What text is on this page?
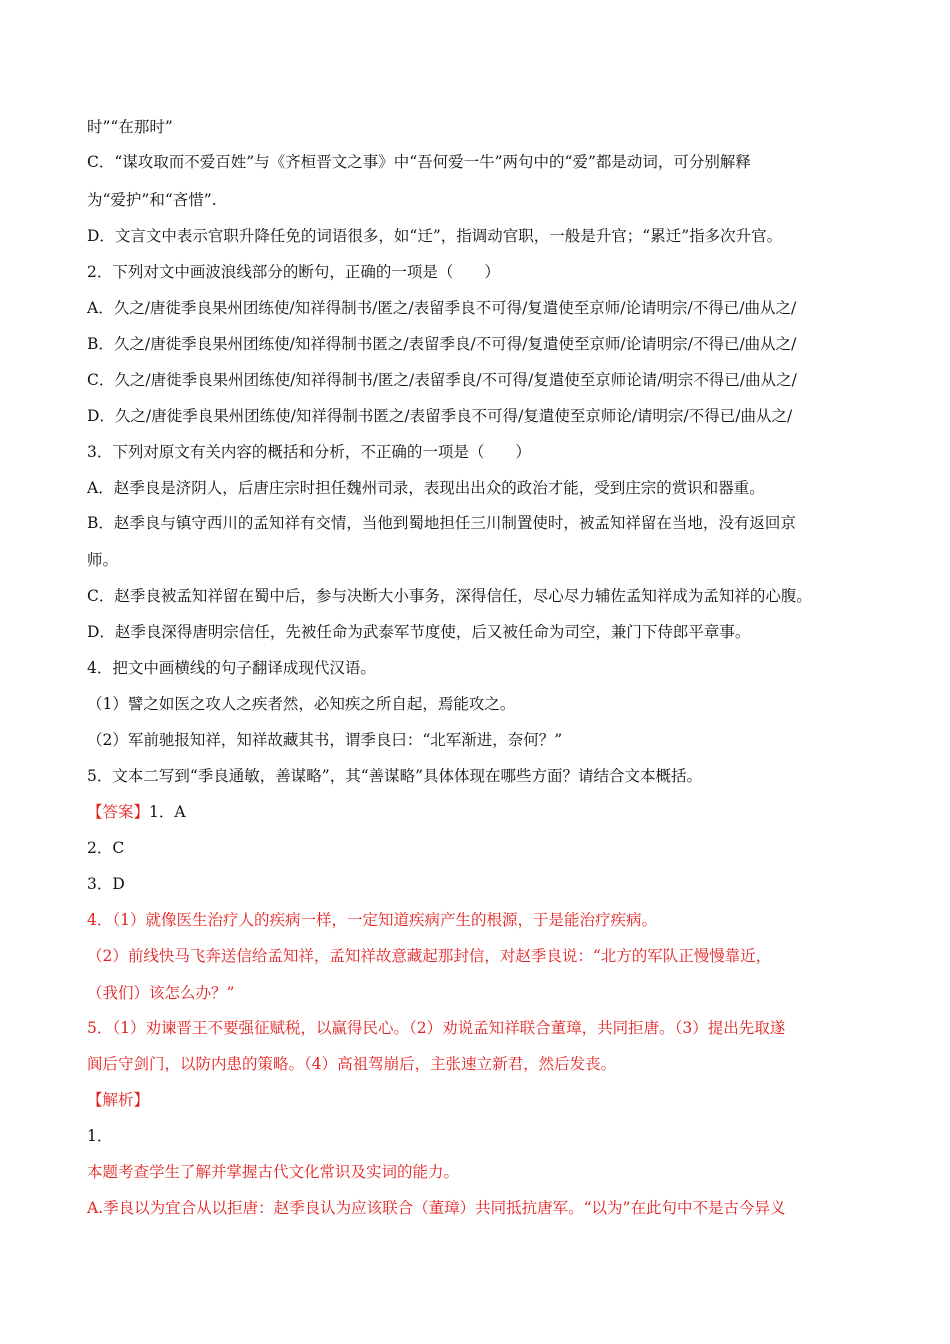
时”“在那时”
C．“谋攻取而不爱百姓”与《齐桓晋文之事》中“吾何爱一牛”两句中的“爱”都是动词，可分别解释
为“爱护”和“吝惜”.
D．文言文中表示官职升降任免的词语很多，如“迁”，指调动官职，一般是升官；“累迁”指多次升官。
2．下列对文中画波浪线部分的断句，正确的一项是（　　）
A．久之/唐徙季良果州团练使/知祥得制书/匿之/表留季良不可得/复遣使至京师/论请明宗/不得已/曲从之/
B．久之/唐徙季良果州团练使/知祥得制书匿之/表留季良/不可得/复遣使至京师/论请明宗/不得已/曲从之/
C．久之/唐徙季良果州团练使/知祥得制书/匿之/表留季良/不可得/复遣使至京师论请/明宗不得已/曲从之/
D．久之/唐徙季良果州团练使/知祥得制书匿之/表留季良不可得/复遣使至京师论/请明宗/不得已/曲从之/
3．下列对原文有关内容的概括和分析，不正确的一项是（　　）
A．赵季良是济阴人，后唐庄宗时担任魏州司录，表现出出众的政治才能，受到庄宗的赏识和器重。
B．赵季良与镇守西川的孟知祥有交情，当他到蜀地担任三川制置使时，被孟知祥留在当地，没有返回京
师。
C．赵季良被孟知祥留在蜀中后，参与决断大小事务，深得信任，尽心尽力辅佐孟知祥成为孟知祥的心腹。
D．赵季良深得唐明宗信任，先被任命为武泰军节度使，后又被任命为司空，兼门下侍郎平章事。
4．把文中画横线的句子翻译成现代汉语。
（1）譬之如医之攻人之疾者然，必知疾之所自起，焉能攻之。
（2）军前驰报知祥，知祥故藏其书，谓季良曰：“北军渐进，奈何？”
5．文本二写到“季良通敏，善谋略”，其“善谋略”具体体现在哪些方面？请结合文本概括。
【答案】1．A
2．C
3．D
4．（1）就像医生治疗人的疾病一样，一定知道疾病产生的根源，于是能治疗疾病。
（2）前线快马飞奔送信给孟知祥，孟知祥故意藏起那封信，对赵季良说：“北方的军队正慢慢靠近，
（我们）该怎么办？”
5．（1）劝谏晋王不要强征赋税，以赢得民心。（2）劝说孟知祥联合董璋，共同拒唐。（3）提出先取遂
阆后守剑门，以防内患的策略。（4）高祖驾崩后，主张速立新君，然后发丧。
【解析】
1．
本题考查学生了解并掌握古代文化常识及实词的能力。
A.季良以为宜合从以拒唐：赵季良认为应该联合（董璋）共同抵抗唐军。“以为”在此句中不是古今异义
